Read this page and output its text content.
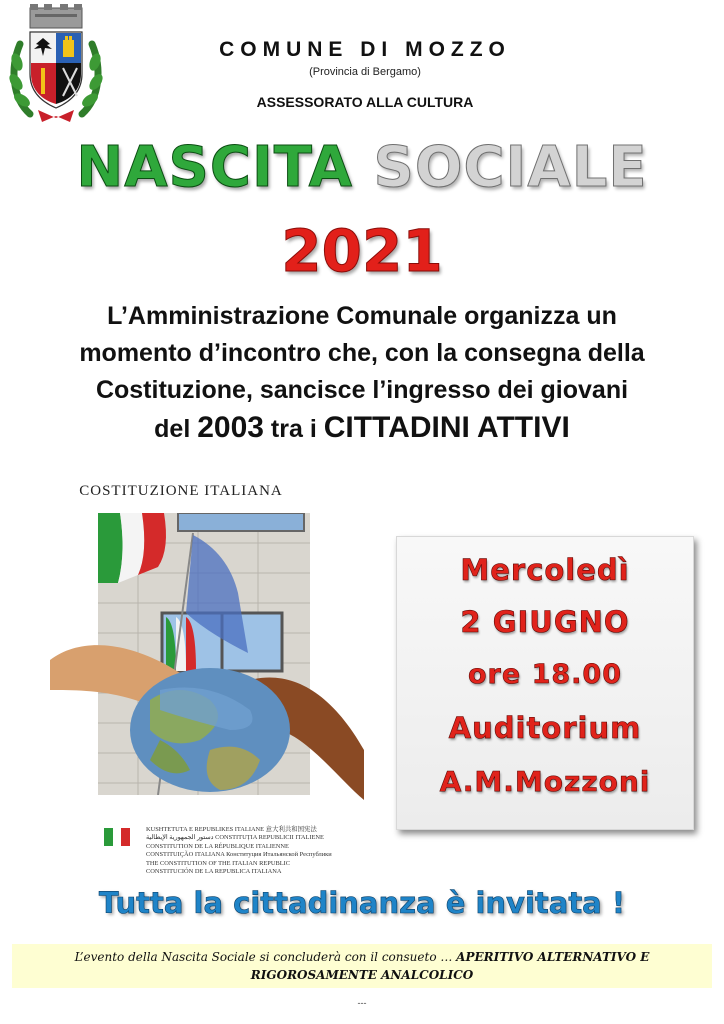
COMUNE DI MOZZO
(Provincia di Bergamo)
ASSESSORATO ALLA CULTURA
NASCITA SOCIALE
2021
L’Amministrazione Comunale organizza un
momento d’incontro che, con la consegna della
Costituzione, sancisce l’ingresso dei giovani
del 2003 tra i CITTADINI ATTIVI
COSTITUZIONE ITALIANA
KUSHTETUTA E REPUBLIKES ITALIANE 意大利共和国宪法
دستور الجمهورية الإيطالية CONSTITUȚIA REPUBLICII ITALIENE
CONSTITUTION DE LA RÉPUBLIQUE ITALIENNE
CONSTITUIÇÃO ITALIANA Конституция Итальянской Республики
THE CONSTITUTION OF THE ITALIAN REPUBLIC
CONSTITUCIÓN DE LA REPUBLICA ITALIANA
Mercoledì
2 GIUGNO
ore 18.00
Auditorium
A.M.Mozzoni
Tutta la cittadinanza è invitata !
L’evento della Nascita Sociale si concluderà con il consueto … APERITIVO ALTERNATIVO E RIGOROSAMENTE ANALCOLICO
---
